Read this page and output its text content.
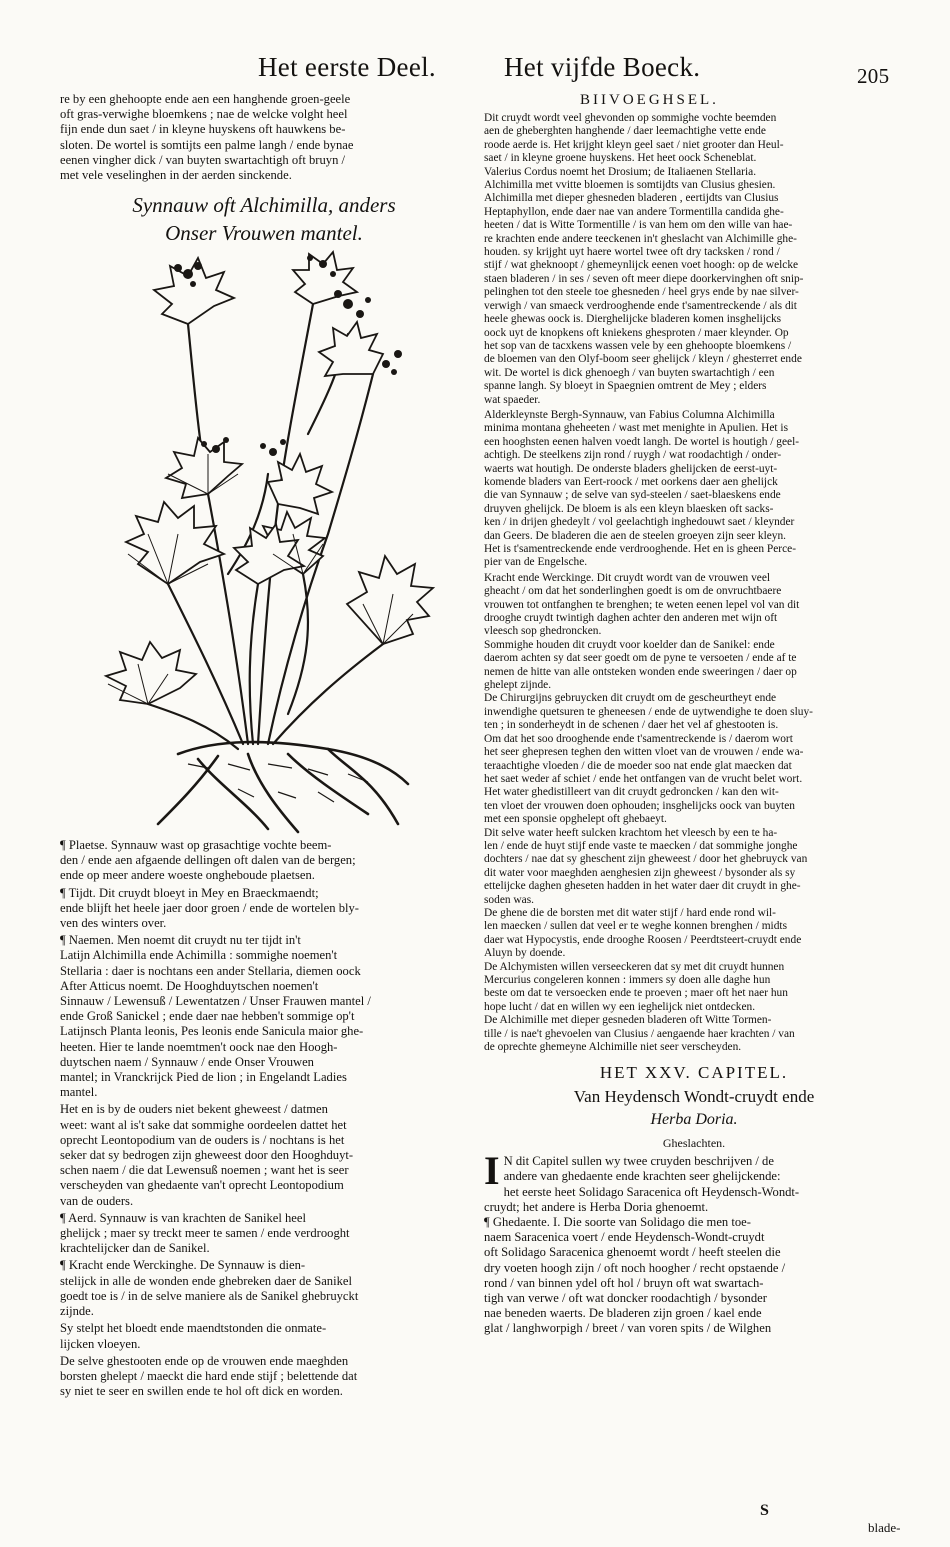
Het eerste Deel.	Het vijfde Boeck.	205
re by een ghehoopte ende aen een hanghende groen-geele
oft gras-verwighe bloemkens ; nae de welcke volght heel
fijn ende dun saet / in kleyne huyskens oft hauwkens be-
sloten. De wortel is somtijts een palme langh / ende bynae
eenen vingher dick / van buyten swartachtigh oft bruyn /
met vele veselinghen in der aerden sinckende.
Synnauw oft Alchimilla, anders
Onser Vrouwen mantel.

¶ Plaetse. Synnauw wast op grasachtige vochte beem-
den / ende aen afgaende dellingen oft dalen van de bergen;
ende op meer andere woeste ongheboude plaetsen.

¶ Tijdt. Dit cruydt bloeyt in Mey en Braeckmaendt;
ende blijft het heele jaer door groen / ende de wortelen bly-
ven des winters over.

¶ Naemen. Men noemt dit cruydt nu ter tijdt in't
Latijn Alchimilla ende Achimilla : sommighe noemen't
Stellaria : daer is nochtans een ander Stellaria, diemen oock
After Atticus noemt. De Hooghduytschen noemen't
Sinnauw / Lewensuß / Lewentatzen / Unser Frauwen mantel /
ende Groß Sanickel ; ende daer nae hebben't sommige op't
Latijnsch Planta leonis, Pes leonis ende Sanicula maior ghe-
heeten. Hier te lande noemtmen't oock nae den Hoogh-
duytschen naem / Synnauw / ende Onser Vrouwen
mantel; in Vranckrijck Pied de lion ; in Engelandt Ladies
mantel.

Het en is by de ouders niet bekent gheweest / datmen
weet: want al is't sake dat sommighe oordeelen dattet het
oprecht Leontopodium van de ouders is / nochtans is het
seker dat sy bedrogen zijn gheweest door den Hooghduyt-
schen naem / die dat Lewensuß noemen ; want het is seer
verscheyden van ghedaente van't oprecht Leontopodium
van de ouders.

¶ Aerd. Synnauw is van krachten de Sanikel heel
ghelijck ; maer sy treckt meer te samen / ende verdrooght
krachtelijcker dan de Sanikel.

¶ Kracht ende Werckinghe. De Synnauw is dien-
stelijck in alle de wonden ende ghebreken daer de Sanikel
goedt toe is / in de selve maniere als de Sanikel ghebruyckt
zijnde.

Sy stelpt het bloedt ende maendtstonden die onmate-
lijcken vloeyen.

De selve ghestooten ende op de vrouwen ende maeghden
borsten ghelept / maeckt die hard ende stijf ; belettende dat
sy niet te seer en swillen ende te hol oft dick en worden.

BIIVOEGHSEL.

Dit cruydt wordt veel ghevonden op sommighe vochte beemden
aen de gheberghten hanghende / daer leemachtighe vette ende
roode aerde is. Het krijght kleyn geel saet / niet grooter dan Heul-
saet / in kleyne groene huyskens. Het heet oock Scheneblat.
Valerius Cordus noemt het Drosium; de Italiaenen Stellaria.
Alchimilla met vvitte bloemen is somtijdts van Clusius ghesien.
Alchimilla met dieper ghesneden bladeren , eertijdts van Clusius
Heptaphyllon, ende daer nae van andere Tormentilla candida ghe-
heeten / dat is Witte Tormentille / is van hem om den wille van hae-
re krachten ende andere teeckenen in't gheslacht van Alchimille ghe-
houden. sy krijght uyt haere wortel twee oft dry tacksken / rond /
stijf / wat gheknoopt / ghemeynlijck eenen voet hoogh: op de welcke
staen bladeren / in ses / seven oft meer diepe doorkervinghen oft snip-
pelinghen tot den steele toe ghesneden / heel grys ende by nae silver-
verwigh / van smaeck verdrooghende ende t'samentreckende / als dit
heele ghewas oock is. Dierghelijcke bladeren komen insghelijcks
oock uyt de knopkens oft kniekens ghesproten / maer kleynder. Op
het sop van de tacxkens wassen vele by een ghehoopte bloemkens /
de bloemen van den Olyf-boom seer ghelijck / kleyn / ghesterret ende
wit. De wortel is dick ghenoegh / van buyten swartachtigh / een
spanne langh. Sy bloeyt in Spaegnien omtrent de Mey ; elders
wat spaeder.

Alderkleynste Bergh-Synnauw, van Fabius Columna Alchimilla
minima montana gheheeten / wast met menighte in Apulien. Het is
een hooghsten eenen halven voedt langh. De wortel is houtigh / geel-
achtigh. De steelkens zijn rond / ruygh / wat roodachtigh / onder-
waerts wat houtigh. De onderste bladers ghelijcken de eerst-uyt-
komende bladers van Eert-roock / met oorkens daer aen ghelijck
die van Synnauw ; de selve van syd-steelen / saet-blaeskens ende
druyven ghelijck. De bloem is als een kleyn blaesken oft sacks-
ken / in drijen ghedeylt / vol geelachtigh inghedouwt saet / kleynder
dan Geers. De bladeren die aen de steelen groeyen zijn seer kleyn.
Het is t'samentreckende ende verdrooghende. Het en is gheen Perce-
pier van de Engelsche.

Kracht ende Werckinge. Dit cruydt wordt van de vrouwen veel
gheacht / om dat het sonderlinghen goedt is om de onvruchtbaere
vrouwen tot ontfanghen te brenghen; te weten eenen lepel vol van dit
drooghe cruydt twintigh daghen achter den anderen met wijn oft
vleesch sop ghedroncken.
Sommighe houden dit cruydt voor koelder dan de Sanikel: ende
daerom achten sy dat seer goedt om de pyne te versoeten / ende af te
nemen de hitte van alle ontsteken wonden ende sweeringen / daer op
ghelept zijnde.
De Chirurgijns gebruycken dit cruydt om de gescheurtheyt ende
inwendighe quetsuren te gheneesen / ende de uytwendighe te doen sluy-
ten ; in sonderheydt in de schenen / daer het vel af ghestooten is.
Om dat het soo drooghende ende t'samentreckende is / daerom wort
het seer ghepresen teghen den witten vloet van de vrouwen / ende wa-
teraachtighe vloeden / die de moeder soo nat ende glat maecken dat
het saet weder af schiet / ende het ontfangen van de vrucht belet wort.
Het water ghedistilleert van dit cruydt gedroncken / kan den wit-
ten vloet der vrouwen doen ophouden; insghelijcks oock van buyten
met een sponsie opghelept oft ghebaeyt.
Dit selve water heeft sulcken krachtom het vleesch by een te ha-
len / ende de huyt stijf ende vaste te maecken / dat sommighe jonghe
dochters / nae dat sy gheschent zijn gheweest / door het ghebruyck van
dit water voor maeghden aenghesien zijn gheweest / bysonder als sy
ettelijcke daghen gheseten hadden in het water daer dit cruydt in ghe-
soden was.
De ghene die de borsten met dit water stijf / hard ende rond wil-
len maecken / sullen dat veel er te weghe konnen brenghen / midts
daer wat Hypocystis, ende drooghe Roosen / Peerdtsteert-cruydt ende
Aluyn by doende.
De Alchymisten willen verseeckeren dat sy met dit cruydt hunnen
Mercurius congeleren konnen : immers sy doen alle daghe hun
beste om dat te versoecken ende te proeven ; maer oft het naer hun
hope lucht / dat en willen wy een ieghelijck niet ontdecken.
De Alchimille met dieper gesneden bladeren oft Witte Tormen-
tille / is nae't ghevoelen van Clusius / aengaende haer krachten / van
de oprechte ghemeyne Alchimille niet seer verscheyden.

HET XXV. CAPITEL.
Van Heydensch Wondt-cruydt ende
Herba Doria.
Gheslachten.

I N dit Capitel sullen wy twee cruyden beschrijven / de
andere van ghedaente ende krachten seer ghelijckende:
het eerste heet Solidago Saracenica oft Heydensch-Wondt-
cruydt; het andere is Herba Doria ghenoemt.
¶ Ghedaente. I. Die soorte van Solidago die men toe-
naem Saracenica voert / ende Heydensch-Wondt-cruydt
oft Solidago Saracenica ghenoemt wordt / heeft steelen die
dry voeten hoogh zijn / oft noch hoogher / recht opstaende /
rond / van binnen ydel oft hol / bruyn oft wat swartach-
tigh van verwe / oft wat doncker roodachtigh / bysonder
nae beneden waerts. De bladeren zijn groen / kael ende
glat / langhworpigh / breet / van voren spits / de Wilghen

S
blade-
